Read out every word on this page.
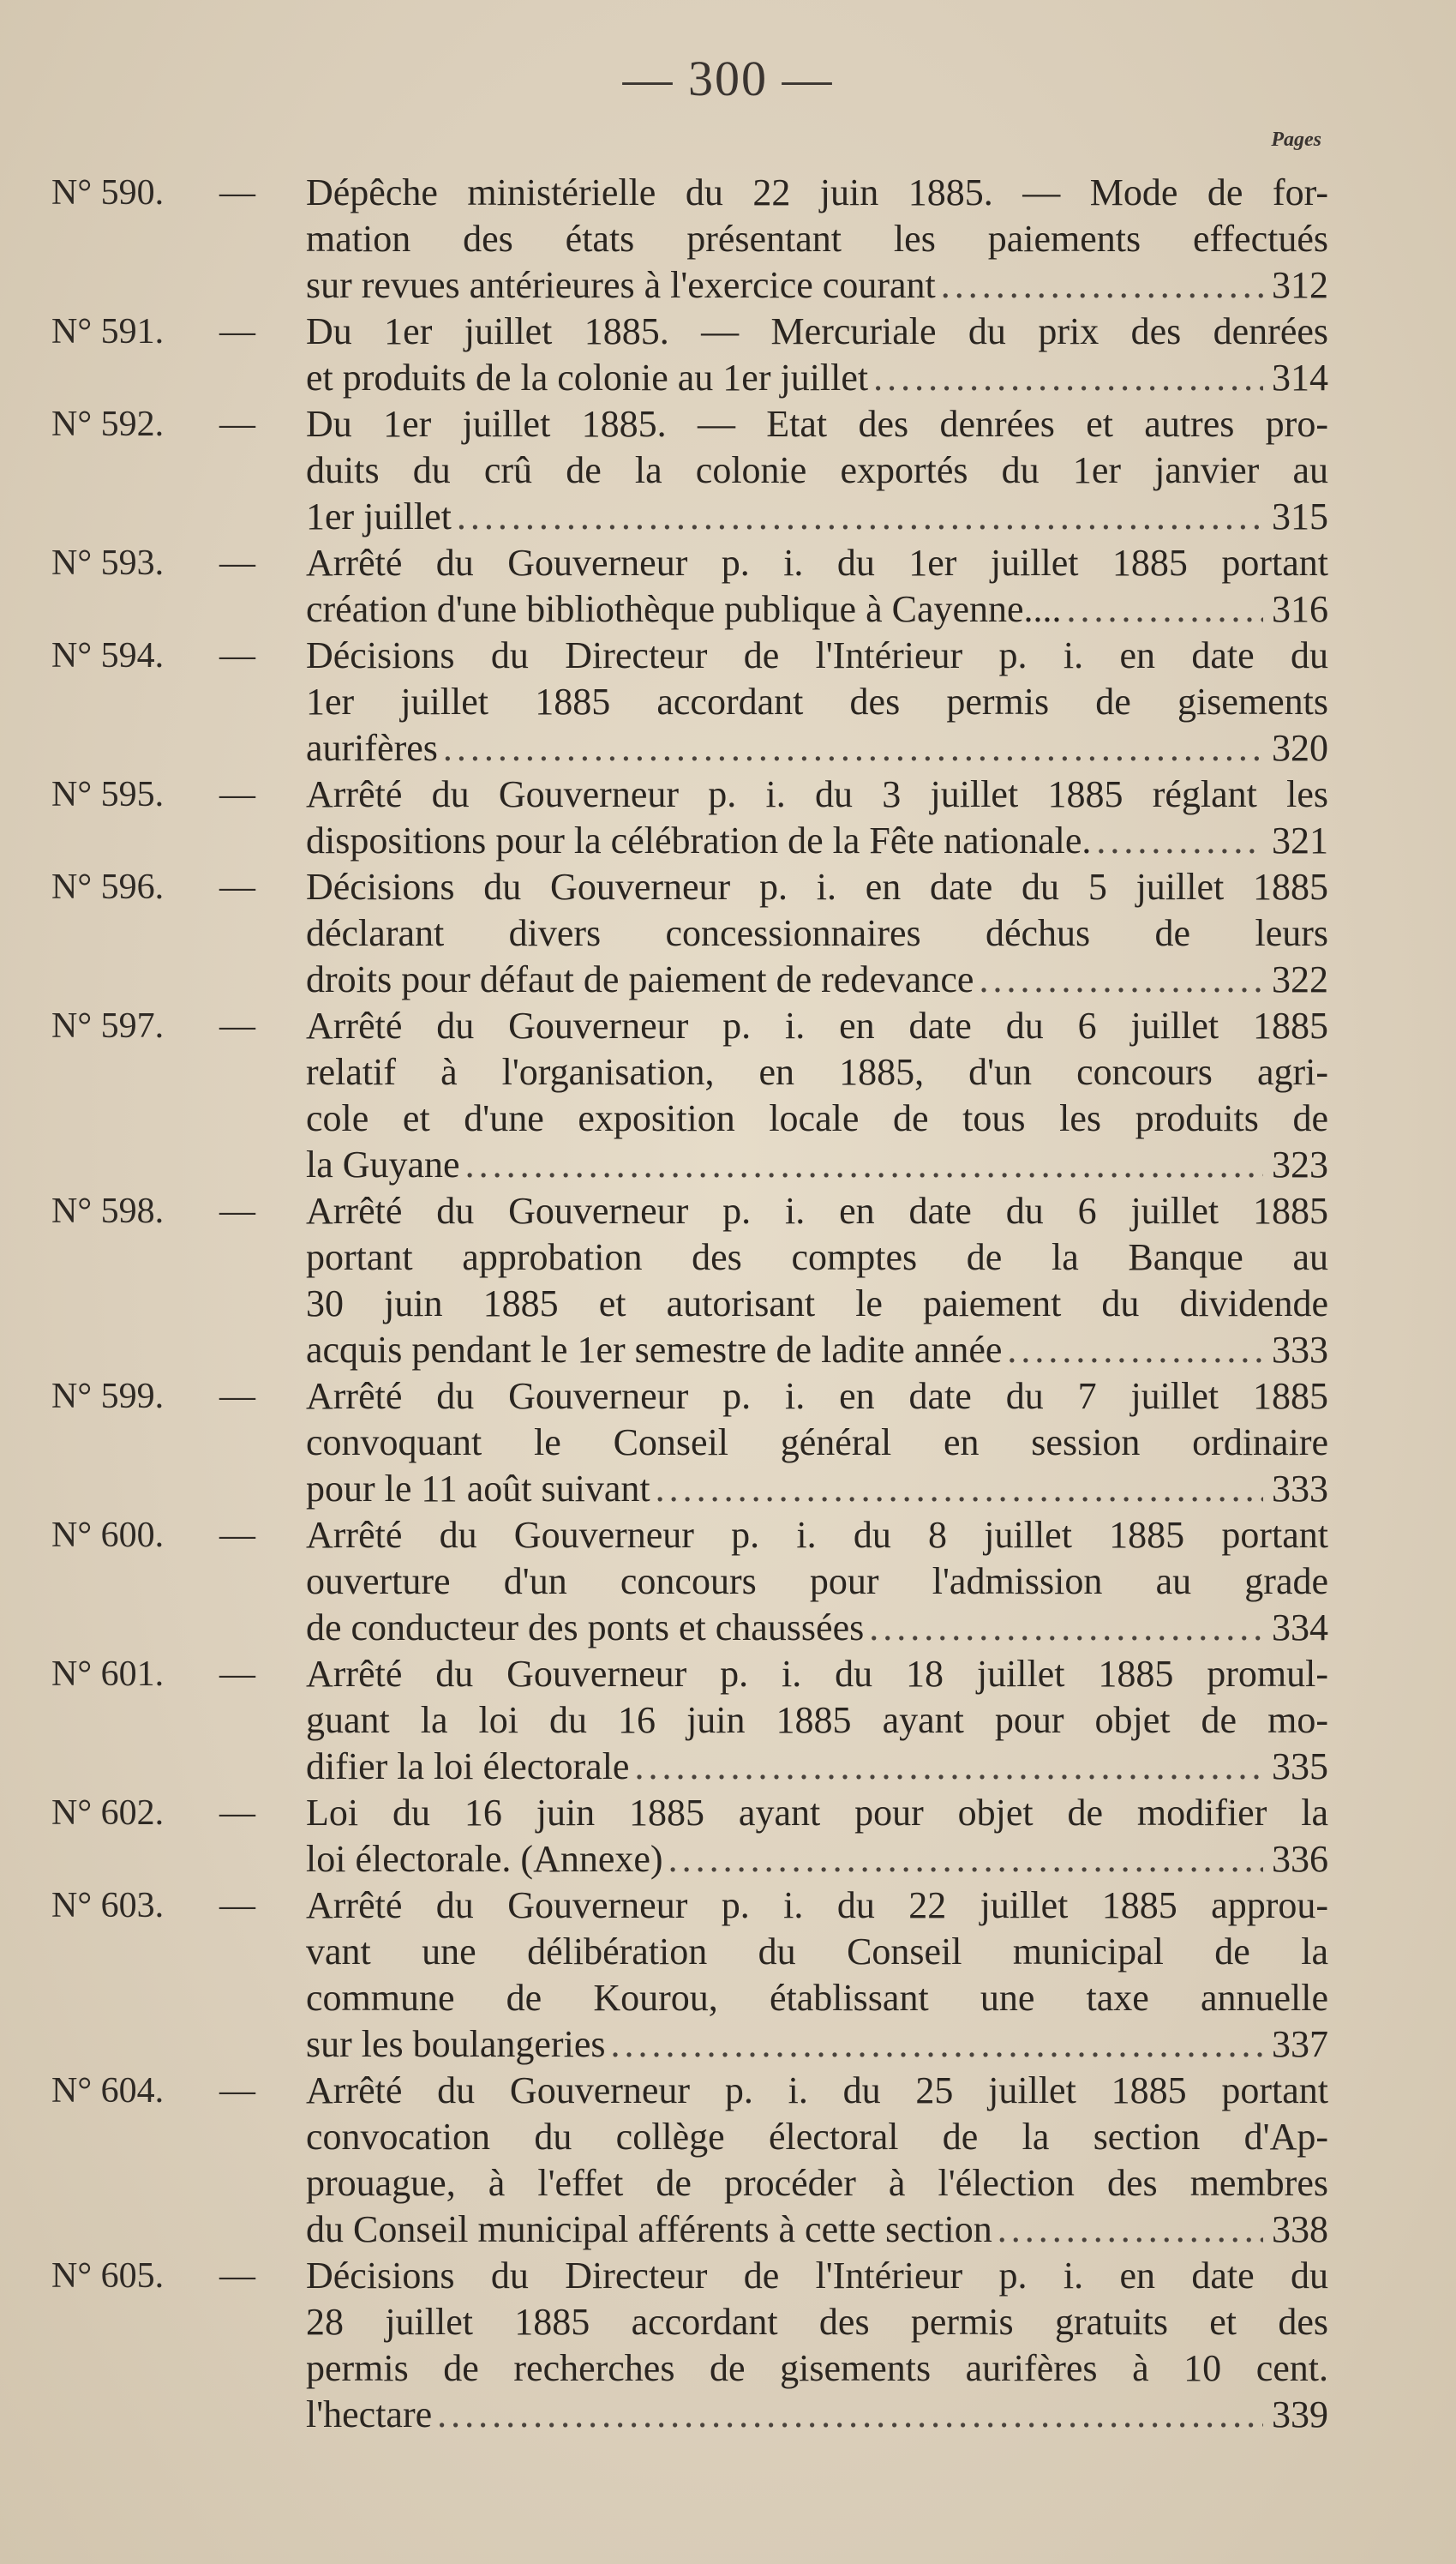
— 300 —
Pages
N° 590. —	Dépêche ministérielle du 22 juin 1885. — Mode de for-
mation des états présentant les paiements effectués
sur revues antérieures à l'exercice courant .....	312
N° 591. —	Du 1er juillet 1885. — Mercuriale du prix des denrées
et produits de la colonie au 1er juillet .....	314
N° 592. —	Du 1er juillet 1885. — Etat des denrées et autres pro-
duits du crû de la colonie exportés du 1er janvier au
1er juillet .....	315
N° 593. —	Arrêté du Gouverneur p. i. du 1er juillet 1885 portant
création d'une bibliothèque publique à Cayenne.... .....	316
N° 594. —	Décisions du Directeur de l'Intérieur p. i. en date du
1er juillet 1885 accordant des permis de gisements
aurifères .....	320
N° 595. —	Arrêté du Gouverneur p. i. du 3 juillet 1885 réglant les
dispositions pour la célébration de la Fête nationale. .....	321
N° 596. —	Décisions du Gouverneur p. i. en date du 5 juillet 1885
déclarant divers concessionnaires déchus de leurs
droits pour défaut de paiement de redevance .....	322
N° 597. —	Arrêté du Gouverneur p. i. en date du 6 juillet 1885
relatif à l'organisation, en 1885, d'un concours agri-
cole et d'une exposition locale de tous les produits de
la Guyane .....	323
N° 598. —	Arrêté du Gouverneur p. i. en date du 6 juillet 1885
portant approbation des comptes de la Banque au
30 juin 1885 et autorisant le paiement du dividende
acquis pendant le 1er semestre de ladite année .....	333
N° 599. —	Arrêté du Gouverneur p. i. en date du 7 juillet 1885
convoquant le Conseil général en session ordinaire
pour le 11 août suivant .....	333
N° 600. —	Arrêté du Gouverneur p. i. du 8 juillet 1885 portant
ouverture d'un concours pour l'admission au grade
de conducteur des ponts et chaussées .....	334
N° 601. —	Arrêté du Gouverneur p. i. du 18 juillet 1885 promul-
guant la loi du 16 juin 1885 ayant pour objet de mo-
difier la loi électorale .....	335
N° 602. —	Loi du 16 juin 1885 ayant pour objet de modifier la
loi électorale. (Annexe) .....	336
N° 603. —	Arrêté du Gouverneur p. i. du 22 juillet 1885 approu-
vant une délibération du Conseil municipal de la
commune de Kourou, établissant une taxe annuelle
sur les boulangeries .....	337
N° 604. —	Arrêté du Gouverneur p. i. du 25 juillet 1885 portant
convocation du collège électoral de la section d'Ap-
prouague, à l'effet de procéder à l'élection des membres
du Conseil municipal afférents à cette section .....	338
N° 605. —	Décisions du Directeur de l'Intérieur p. i. en date du
28 juillet 1885 accordant des permis gratuits et des
permis de recherches de gisements aurifères à 10 cent.
l'hectare .....	339
